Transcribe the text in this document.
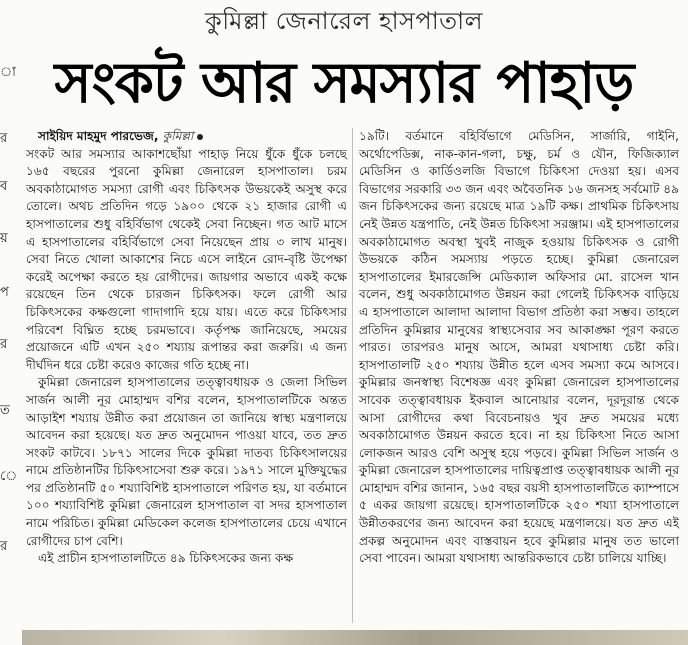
া
র
ব
য়
প
র
ত
ে
র
কুমিল্লা জেনারেল হাসপাতাল
সংকট আর সমস্যার পাহাড়

সাইয়িদ মাহমুদ পারভেজ, কুমিল্লা

সংকট আর সমস্যার আকাশছোঁয়া পাহাড় নিয়ে ধুঁকে ধুঁকে চলছে ১৬৫ বছরের পুরনো কুমিল্লা জেনারেল হাসপাতাল। চরম অবকাঠামোগত সমস্যা রোগী এবং চিকিৎসক উভয়কেই অসুস্থ করে তোলে। অথচ প্রতিদিন গড়ে ১৯০০ থেকে ২১ হাজার রোগী এ হাসপাতালের শুধু বহির্বিভাগ থেকেই সেবা নিচ্ছেন। গত আট মাসে এ হাসপাতালের বহির্বিভাগে সেবা নিয়েছেন প্রায় ৩ লাখ মানুষ। সেবা নিতে খোলা আকাশের নিচে এসে লাইনে রোদ-বৃষ্টি উপেক্ষা করেই অপেক্ষা করতে হয় রোগীদের। জায়গার অভাবে একই কক্ষে রয়েছেন তিন থেকে চারজন চিকিৎসক। ফলে রোগী আর চিকিৎসকের কক্ষগুলো গাদাগাদি হয়ে যায়। এতে করে চিকিৎসার পরিবেশ বিঘ্নিত হচ্ছে চরমভাবে। কর্তৃপক্ষ জানিয়েছে, সময়ের প্রয়োজনে এটি এখন ২৫০ শয্যায় রূপান্তর করা জরুরি। এ জন্য দীর্ঘদিন ধরে চেষ্টা করেও কাজের গতি হচ্ছে না।

কুমিল্লা জেনারেল হাসপাতালের তত্ত্বাবধায়ক ও জেলা সিভিল সার্জন আলী নূর মোহাম্মদ বশির বলেন, হাসপাতালটিকে অন্তত আড়াইশ শয্যায় উন্নীত করা প্রয়োজন তা জানিয়ে স্বাস্থ্য মন্ত্রণালয়ে আবেদন করা হয়েছে। যত দ্রুত অনুমোদন পাওয়া যাবে, তত দ্রুত সংকট কাটবে। ১৮৭১ সালের দিকে কুমিল্লা দাতব্য চিকিৎসালয়ের নামে প্রতিষ্ঠানটির চিকিৎসাসেবা শুরু করে। ১৯৭১ সালে মুক্তিযুদ্ধের পর প্রতিষ্ঠানটি ৫০ শয্যাবিশিষ্ট হাসপাতালে পরিণত হয়, যা বর্তমানে ১০০ শয্যাবিশিষ্ট কুমিল্লা জেনারেল হাসপাতাল বা সদর হাসপাতাল নামে পরিচিত। কুমিল্লা মেডিকেল কলেজ হাসপাতালের চেয়ে এখানে রোগীদের চাপ বেশি।

এই প্রাচীন হাসপাতালটিতে ৪৯ চিকিৎসকের জন্য কক্ষ

১৯টি। বর্তমানে বহির্বিভাগে মেডিসিন, সার্জারি, গাইনি, অর্থোপেডিক্স, নাক-কান-গলা, চক্ষু, চর্ম ও যৌন, ফিজিক্যাল মেডিসিন ও কার্ডিওলজি বিভাগে চিকিৎসা দেওয়া হয়। এসব বিভাগের সরকারি ৩৩ জন এবং অবৈতনিক ১৬ জনসহ সর্বমোট ৪৯ জন চিকিৎসকের জন্য রয়েছে মাত্র ১৯টি কক্ষ। প্রাথমিক চিকিৎসায় নেই উন্নত যন্ত্রপাতি, নেই উন্নত চিকিৎসা সরঞ্জাম। এই হাসপাতালের অবকাঠামোগত অবস্থা খুবই নাজুক হওয়ায় চিকিৎসক ও রোগী উভয়কে কঠিন সমস্যায় পড়তে হচ্ছে। কুমিল্লা জেনারেল হাসপাতালের ইমারজেন্সি মেডিক্যাল অফিসার মো. রাসেল খান বলেন, শুধু অবকাঠামোগত উন্নয়ন করা গেলেই চিকিৎসক বাড়িয়ে এ হাসপাতালে আলাদা আলাদা বিভাগ প্রতিষ্ঠা করা সম্ভব। তাহলে প্রতিদিন কুমিল্লার মানুষের স্বাস্থ্যসেবার সব আকাঙ্ক্ষা পূরণ করতে পারত। তারপরও মানুষ আসে, আমরা যথাসাধ্য চেষ্টা করি। হাসপাতালটি ২৫০ শয্যায় উন্নীত হলে এসব সমস্যা কমে আসবে। কুমিল্লার জনস্বাস্থ্য বিশেষজ্ঞ এবং কুমিল্লা জেনারেল হাসপাতালের সাবেক তত্ত্বাবধায়ক ইকবাল আনোয়ার বলেন, দূরদূরান্ত থেকে আসা রোগীদের কথা বিবেচনায়ও খুব দ্রুত সময়ের মধ্যে অবকাঠামোগত উন্নয়ন করতে হবে। না হয় চিকিৎসা নিতে আসা লোকজন আরও বেশি অসুস্থ হয়ে পড়বে। কুমিল্লা সিভিল সার্জন ও কুমিল্লা জেনারেল হাসপাতালের দায়িত্বপ্রাপ্ত তত্ত্বাবধায়ক আলী নূর মোহাম্মদ বশির জানান, ১৬৫ বছর বয়সী হাসপাতালটিতে ক্যাম্পাসে ৫ একর জায়গা রয়েছে। হাসপাতালটিকে ২৫০ শয্যা হাসপাতালে উন্নীতকরণের জন্য আবেদন করা হয়েছে মন্ত্রণালয়ে। যত দ্রুত এই প্রকল্প অনুমোদন এবং বাস্তবায়ন হবে কুমিল্লার মানুষ তত ভালো সেবা পাবেন। আমরা যথাসাধ্য আন্তরিকভাবে চেষ্টা চালিয়ে যাচ্ছি।
